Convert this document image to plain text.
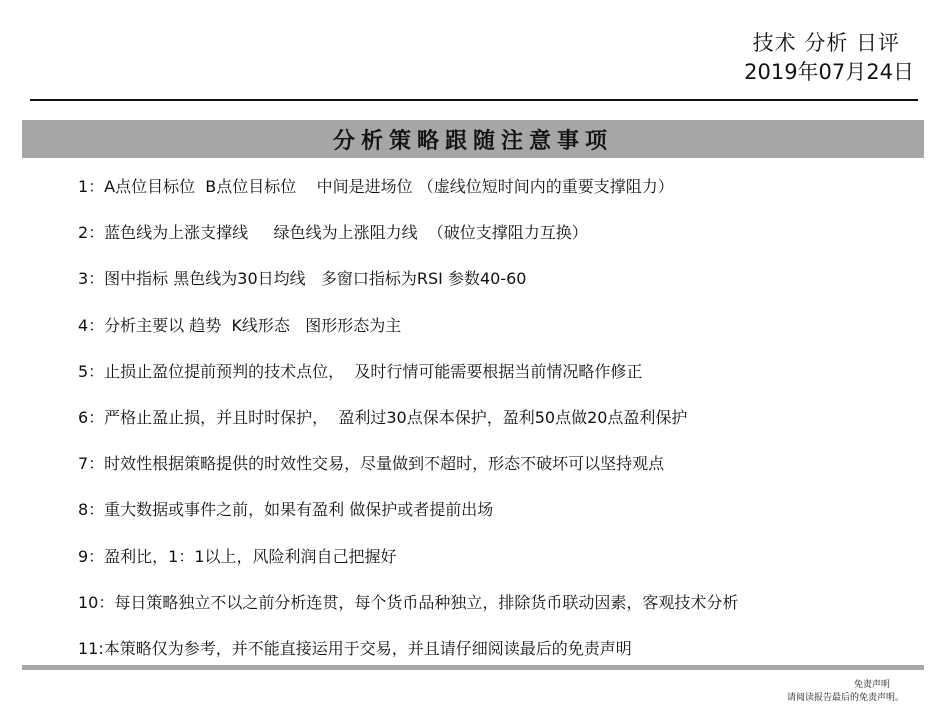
技术 分析 日评
2019年07月24日
分析策略跟随注意事项
1：A点位目标位  B点位目标位    中间是进场位 （虚线位短时间内的重要支撑阻力）
2：蓝色线为上涨支撑线     绿色线为上涨阻力线  （破位支撑阻力互换）
3：图中指标 黑色线为30日均线   多窗口指标为RSI 参数40-60
4：分析主要以 趋势  K线形态   图形形态为主
5：止损止盈位提前预判的技术点位，  及时行情可能需要根据当前情况略作修正
6：严格止盈止损，并且时时保护，  盈利过30点保本保护，盈利50点做20点盈利保护
7：时效性根据策略提供的时效性交易，尽量做到不超时，形态不破坏可以坚持观点
8：重大数据或事件之前，如果有盈利 做保护或者提前出场
9：盈利比，1：1以上，风险利润自己把握好
10：每日策略独立不以之前分析连贯，每个货币品种独立，排除货币联动因素，客观技术分析
11:本策略仅为参考，并不能直接运用于交易，并且请仔细阅读最后的免责声明
免责声明
请阅读报告最后的免责声明。
